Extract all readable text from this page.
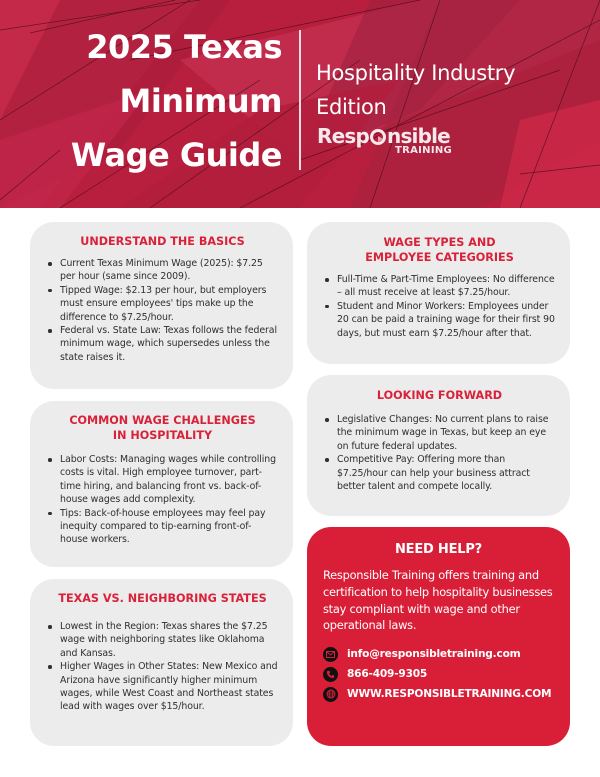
2025 Texas
Minimum
Wage Guide
Hospitality Industry
Edition
Resp nsible
TRAINING
UNDERSTAND THE BASICS
Current Texas Minimum Wage (2025): $7.25 per hour (same since 2009).
Tipped Wage: $2.13 per hour, but employers must ensure employees' tips make up the difference to $7.25/hour.
Federal vs. State Law: Texas follows the federal minimum wage, which supersedes unless the state raises it.
WAGE TYPES AND
EMPLOYEE CATEGORIES
Full-Time & Part-Time Employees: No difference – all must receive at least $7.25/hour.
Student and Minor Workers: Employees under 20 can be paid a training wage for their first 90 days, but must earn $7.25/hour after that.
COMMON WAGE CHALLENGES
IN HOSPITALITY
Labor Costs: Managing wages while controlling costs is vital. High employee turnover, part-time hiring, and balancing front vs. back-of-house wages add complexity.
Tips: Back-of-house employees may feel pay inequity compared to tip-earning front-of-house workers.
LOOKING FORWARD
Legislative Changes: No current plans to raise the minimum wage in Texas, but keep an eye on future federal updates.
Competitive Pay: Offering more than $7.25/hour can help your business attract better talent and compete locally.
TEXAS VS. NEIGHBORING STATES
Lowest in the Region: Texas shares the $7.25 wage with neighboring states like Oklahoma and Kansas.
Higher Wages in Other States: New Mexico and Arizona have significantly higher minimum wages, while West Coast and Northeast states lead with wages over $15/hour.
NEED HELP?

Responsible Training offers training and certification to help hospitality businesses stay compliant with wage and other operational laws.

info@responsibletraining.com
866-409-9305
WWW.RESPONSIBLETRAINING.COM
